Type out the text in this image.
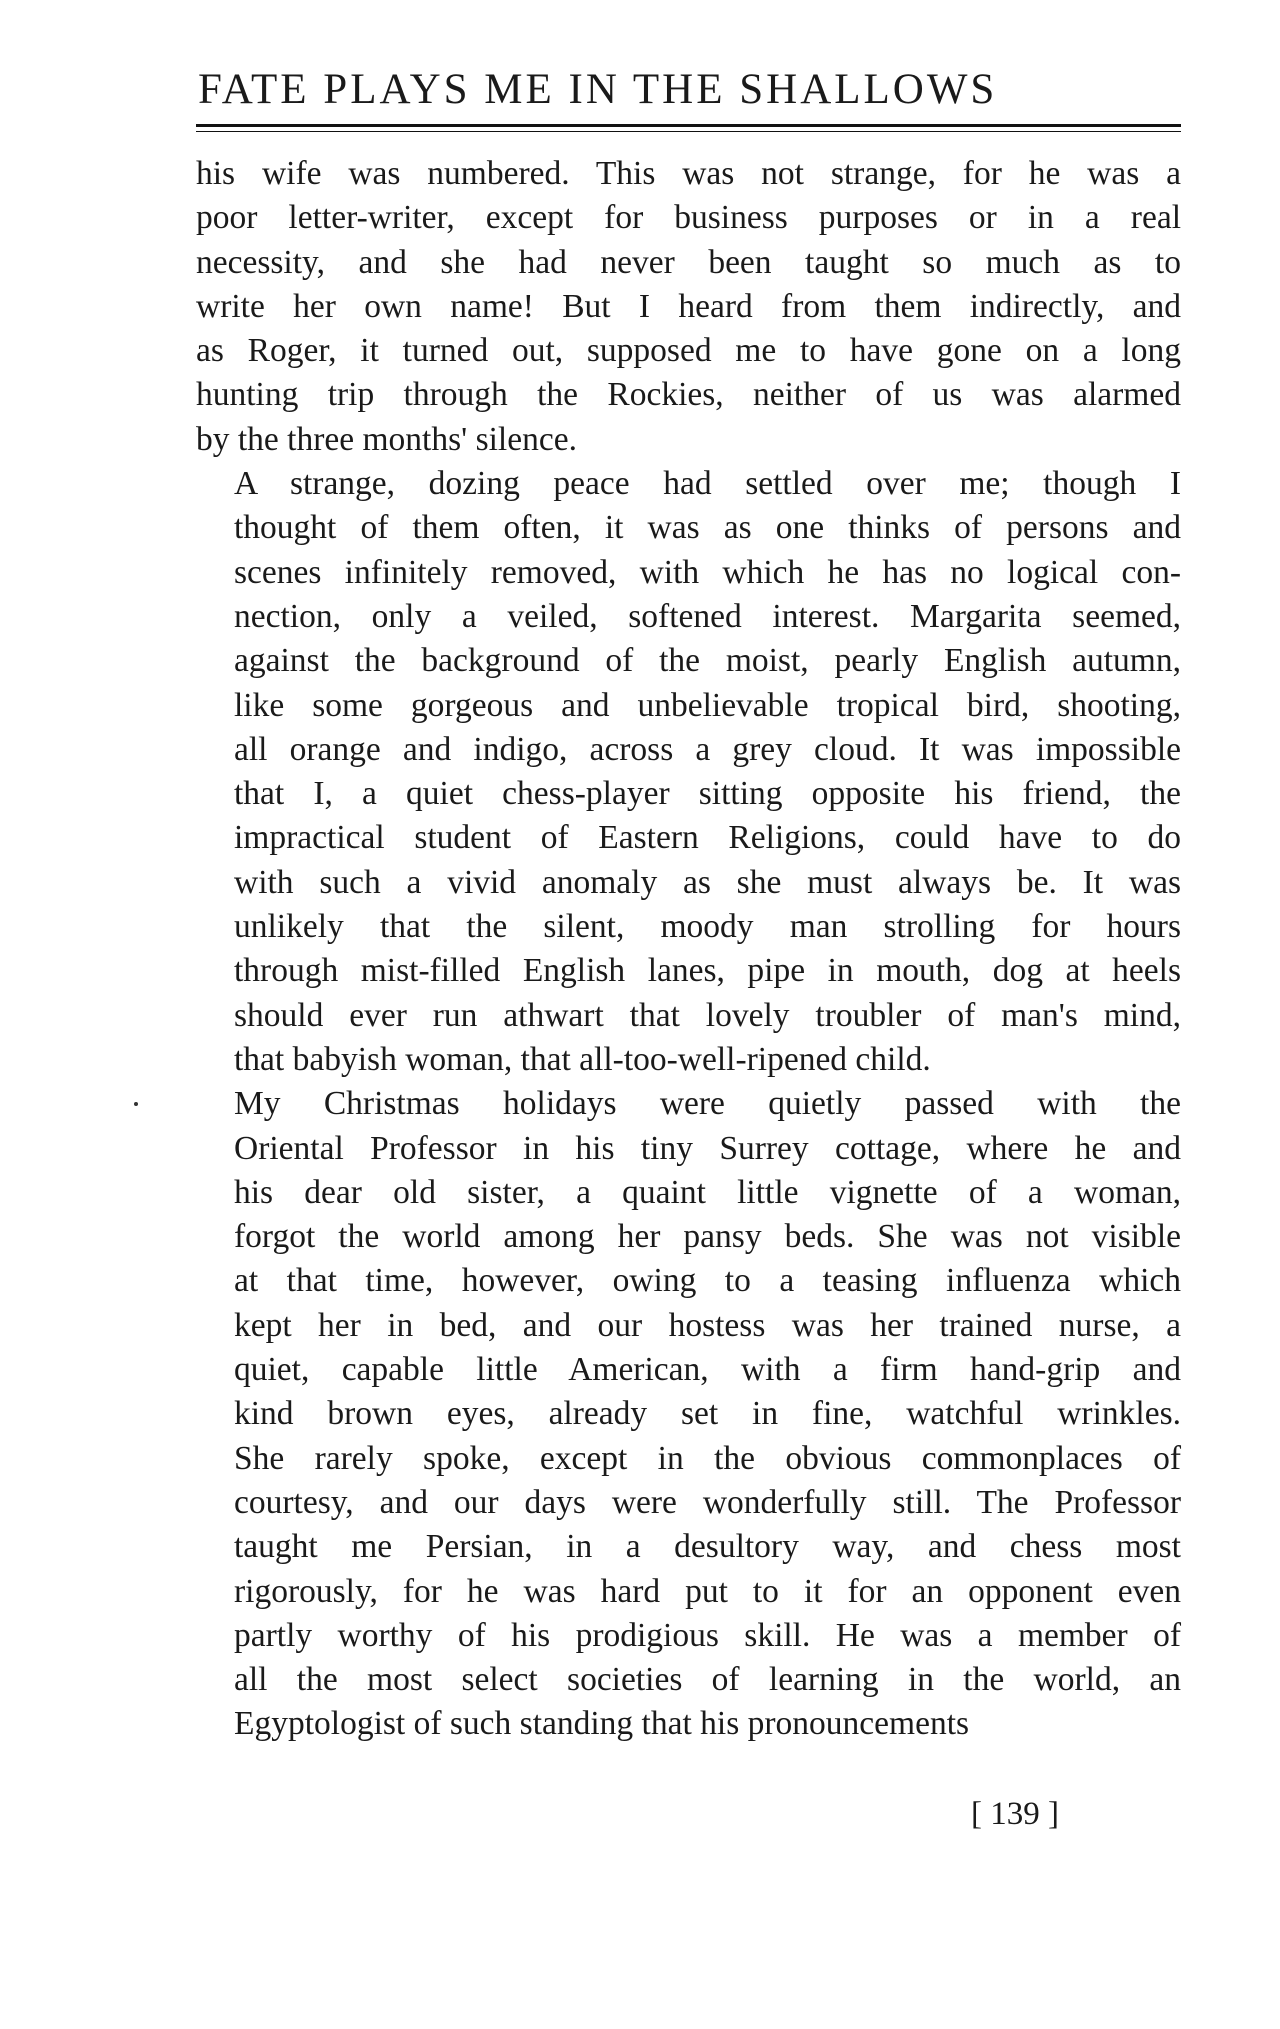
FATE PLAYS ME IN THE SHALLOWS

his wife was numbered. This was not strange, for he was a
poor letter-writer, except for business purposes or in a real
necessity, and she had never been taught so much as to
write her own name! But I heard from them indirectly, and
as Roger, it turned out, supposed me to have gone on a long
hunting trip through the Rockies, neither of us was alarmed
by the three months' silence.

A strange, dozing peace had settled over me; though I
thought of them often, it was as one thinks of persons and
scenes infinitely removed, with which he has no logical con-
nection, only a veiled, softened interest. Margarita seemed,
against the background of the moist, pearly English autumn,
like some gorgeous and unbelievable tropical bird, shooting,
all orange and indigo, across a grey cloud. It was impossible
that I, a quiet chess-player sitting opposite his friend, the
impractical student of Eastern Religions, could have to do
with such a vivid anomaly as she must always be. It was
unlikely that the silent, moody man strolling for hours
through mist-filled English lanes, pipe in mouth, dog at heels
should ever run athwart that lovely troubler of man's mind,
that babyish woman, that all-too-well-ripened child.

My Christmas holidays were quietly passed with the
Oriental Professor in his tiny Surrey cottage, where he and
his dear old sister, a quaint little vignette of a woman,
forgot the world among her pansy beds. She was not visible
at that time, however, owing to a teasing influenza which
kept her in bed, and our hostess was her trained nurse, a
quiet, capable little American, with a firm hand-grip and
kind brown eyes, already set in fine, watchful wrinkles.
She rarely spoke, except in the obvious commonplaces of
courtesy, and our days were wonderfully still. The Professor
taught me Persian, in a desultory way, and chess most
rigorously, for he was hard put to it for an opponent even
partly worthy of his prodigious skill. He was a member of
all the most select societies of learning in the world, an
Egyptologist of such standing that his pronouncements

[ 139 ]
